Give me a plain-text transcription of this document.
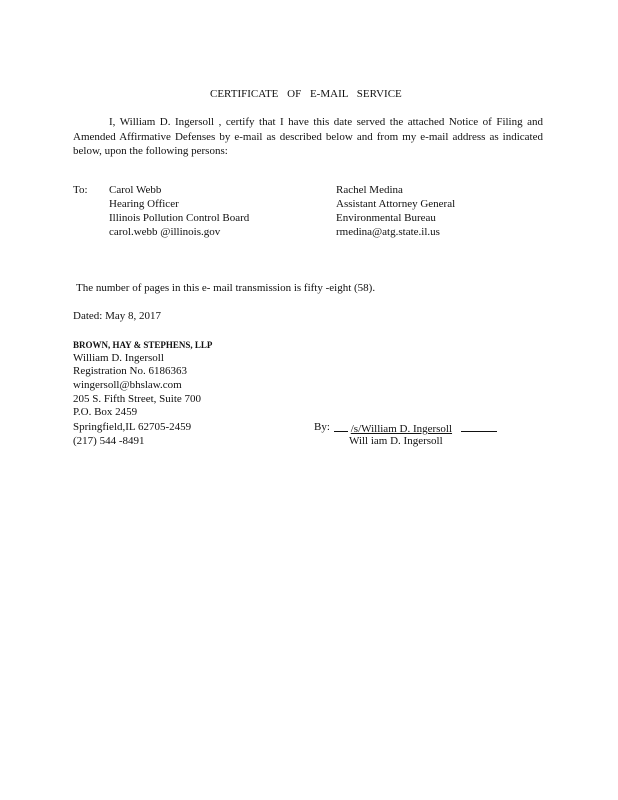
CERTIFICATE OF E-MAIL SERVICE
I, William D. Ingersoll , certify that I have this date served the attached Notice of Filing and Amended Affirmative Defenses by e-mail as described below and from my e-mail address as indicated below, upon the following persons:
To: Carol Webb
Hearing Officer
Illinois Pollution Control Board
carol.webb @illinois.gov
Rachel Medina
Assistant Attorney General
Environmental Bureau
rmedina@atg.state.il.us
The number of pages in this e- mail transmission is fifty -eight (58).
Dated: May 8, 2017
BROWN, HAY & STEPHENS, LLP
William D. Ingersoll
Registration No. 6186363
wingersoll@bhslaw.com
205 S. Fifth Street, Suite 700
P.O. Box 2459
Springfield,IL 62705-2459
(217) 544 -8491
By:	/s/William D. Ingersoll
Will iam D. Ingersoll
